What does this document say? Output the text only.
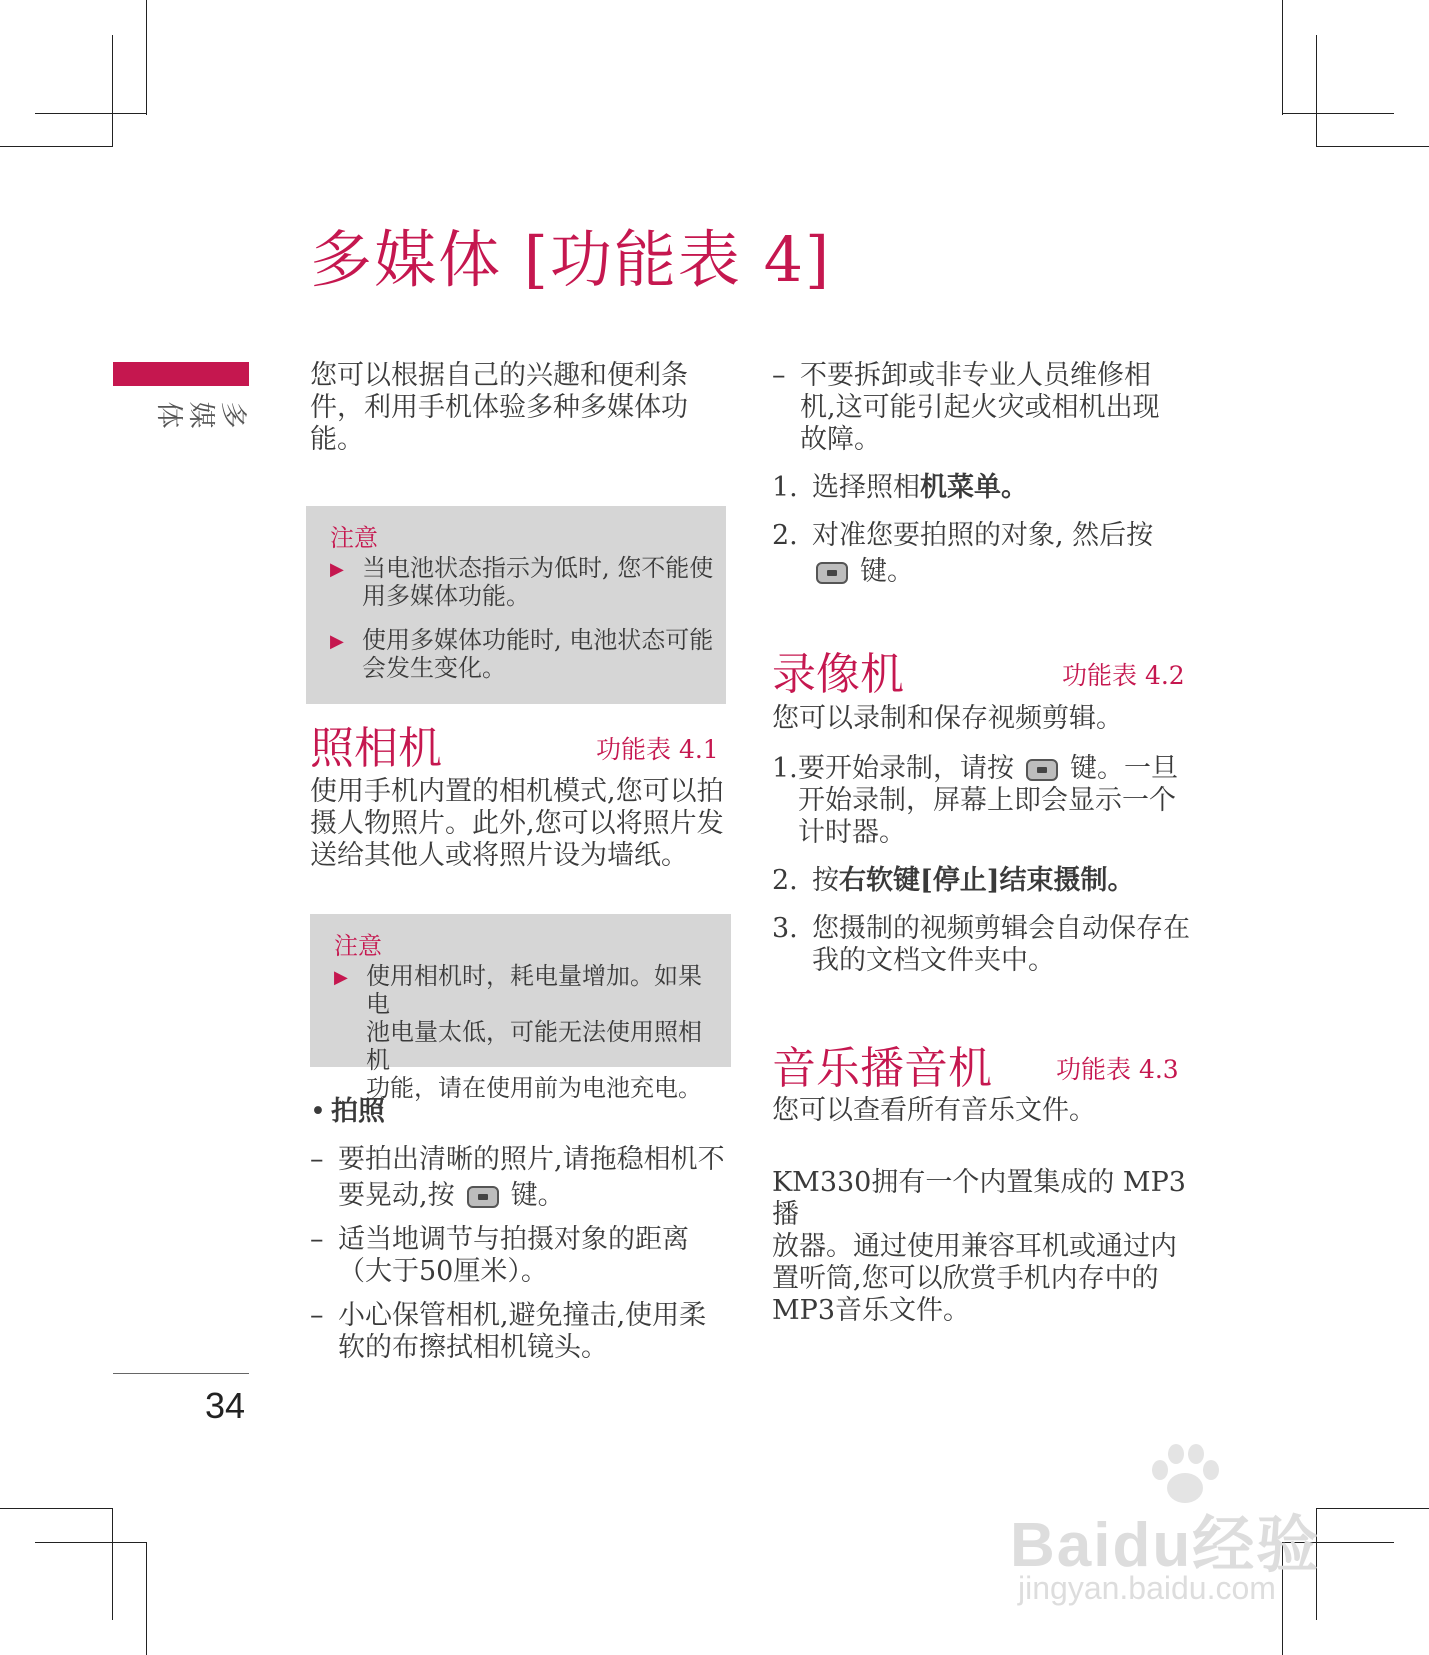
多媒体 [功能表 4]
多
媒
体

您可以根据自己的兴趣和便利条

件，利用手机体验多种多媒体功

能。

注意

▶ 当电池状态指示为低时, 您不能使
用多媒体功能。
▶ 使用多媒体功能时, 电池状态可能
会发生变化。
照相机	功能表 4.1

使用手机内置的相机模式,您可以拍

摄人物照片。此外,您可以将照片发

送给其他人或将照片设为墙纸。

注意

▶ 使用相机时，耗电量增加。如果电
池电量太低，可能无法使用照相机
功能，请在使用前为电池充电。
• 拍照
– 要拍出清晰的照片,请拖稳相机不
要晃动,按 键。
– 适当地调节与拍摄对象的距离
（大于50厘米）。
– 小心保管相机,避免撞击,使用柔
软的布擦拭相机镜头。
– 不要拆卸或非专业人员维修相
机,这可能引起火灾或相机出现
故障。
1. 选择照相机菜单。
2. 对准您要拍照的对象, 然后按
键。
录像机	功能表 4.2

您可以录制和保存视频剪辑。

1. 要开始录制，请按 键。一旦
开始录制，屏幕上即会显示一个
计时器。
2. 按右软键[停止]结束摄制。
3. 您摄制的视频剪辑会自动保存在
我的文档文件夹中。
音乐播音机	功能表 4.3

您可以查看所有音乐文件。

KM330拥有一个内置集成的 MP3 播

放器。通过使用兼容耳机或通过内

置听筒,您可以欣赏手机内存中的

MP3音乐文件。

34
Baidu经验
jingyan.baidu.com
